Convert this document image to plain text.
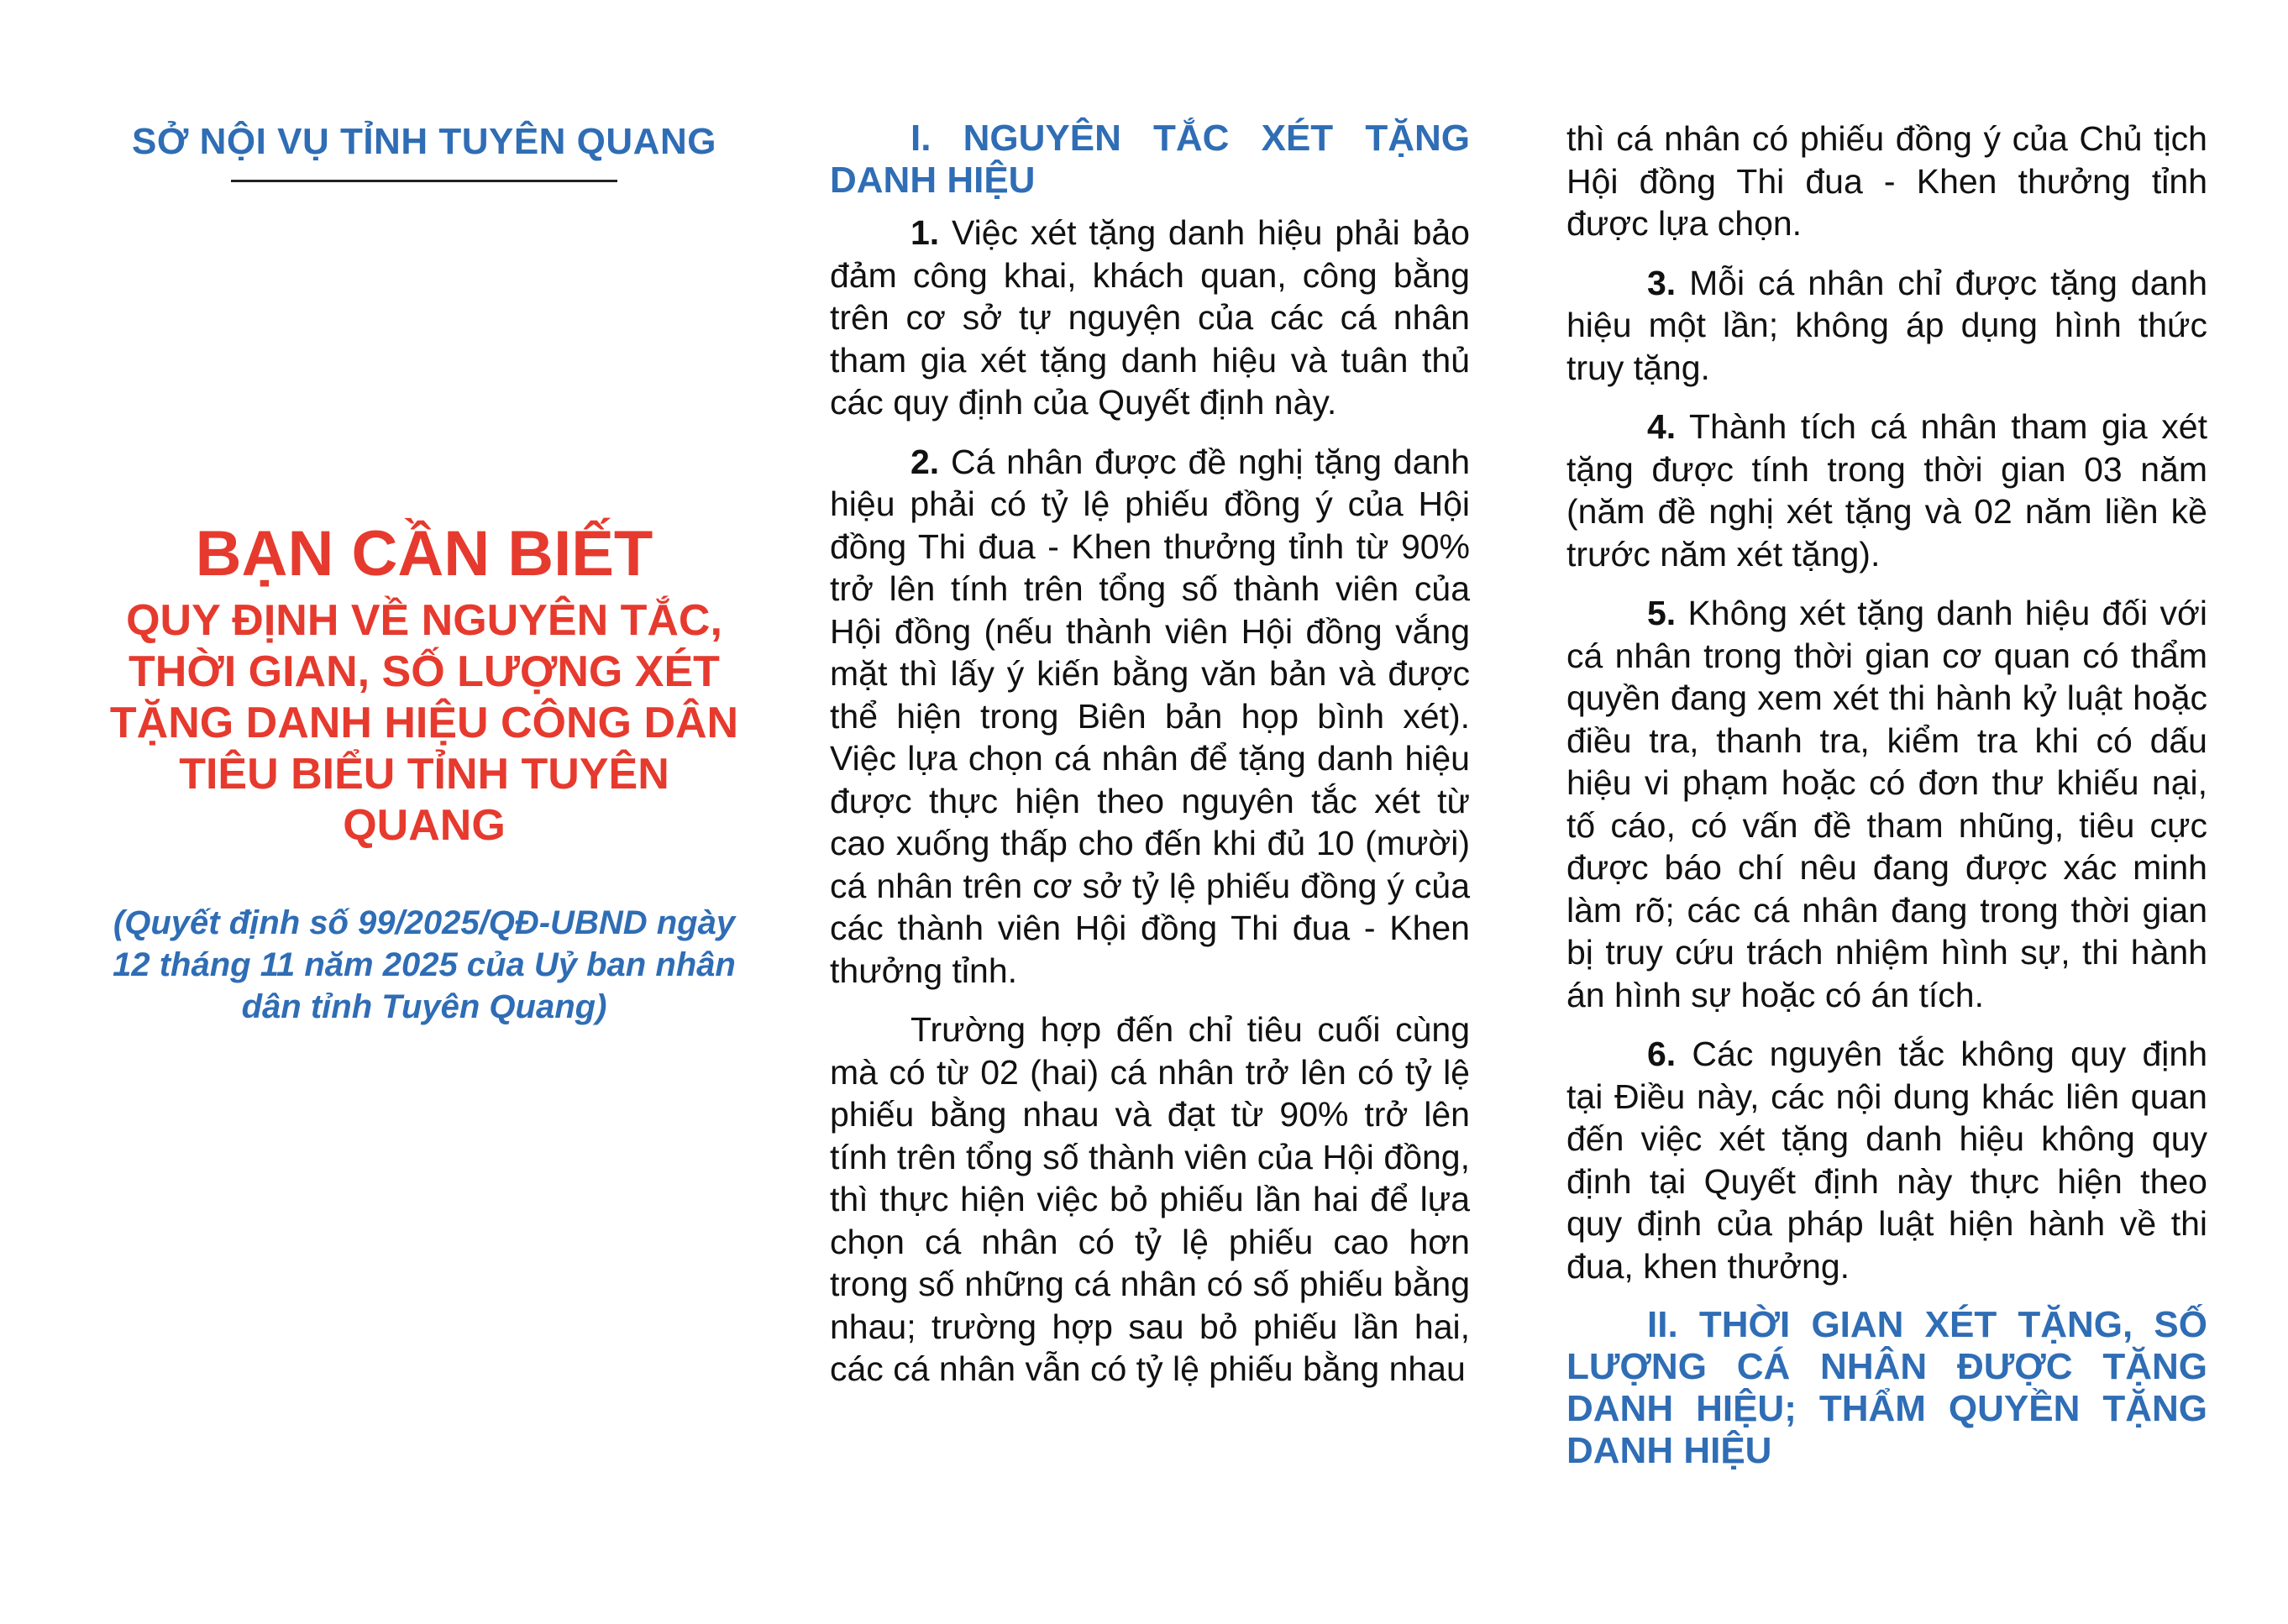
SỞ NỘI VỤ TỈNH TUYÊN QUANG

BẠN CẦN BIẾT

QUY ĐỊNH VỀ NGUYÊN TẮC, THỜI GIAN, SỐ LƯỢNG XÉT TẶNG DANH HIỆU CÔNG DÂN TIÊU BIỂU TỈNH TUYÊN QUANG

(Quyết định số 99/2025/QĐ-UBND ngày 12 tháng 11 năm 2025 của Uỷ ban nhân dân tỉnh Tuyên Quang)

I. NGUYÊN TẮC XÉT TẶNG DANH HIỆU

1. Việc xét tặng danh hiệu phải bảo đảm công khai, khách quan, công bằng trên cơ sở tự nguyện của các cá nhân tham gia xét tặng danh hiệu và tuân thủ các quy định của Quyết định này.

2. Cá nhân được đề nghị tặng danh hiệu phải có tỷ lệ phiếu đồng ý của Hội đồng Thi đua - Khen thưởng tỉnh từ 90% trở lên tính trên tổng số thành viên của Hội đồng (nếu thành viên Hội đồng vắng mặt thì lấy ý kiến bằng văn bản và được thể hiện trong Biên bản họp bình xét). Việc lựa chọn cá nhân để tặng danh hiệu được thực hiện theo nguyên tắc xét từ cao xuống thấp cho đến khi đủ 10 (mười) cá nhân trên cơ sở tỷ lệ phiếu đồng ý của các thành viên Hội đồng Thi đua - Khen thưởng tỉnh.

Trường hợp đến chỉ tiêu cuối cùng mà có từ 02 (hai) cá nhân trở lên có tỷ lệ phiếu bằng nhau và đạt từ 90% trở lên tính trên tổng số thành viên của Hội đồng, thì thực hiện việc bỏ phiếu lần hai để lựa chọn cá nhân có tỷ lệ phiếu cao hơn trong số những cá nhân có số phiếu bằng nhau; trường hợp sau bỏ phiếu lần hai, các cá nhân vẫn có tỷ lệ phiếu bằng nhau

thì cá nhân có phiếu đồng ý của Chủ tịch Hội đồng Thi đua - Khen thưởng tỉnh được lựa chọn.

3. Mỗi cá nhân chỉ được tặng danh hiệu một lần; không áp dụng hình thức truy tặng.

4. Thành tích cá nhân tham gia xét tặng được tính trong thời gian 03 năm (năm đề nghị xét tặng và 02 năm liền kề trước năm xét tặng).

5. Không xét tặng danh hiệu đối với cá nhân trong thời gian cơ quan có thẩm quyền đang xem xét thi hành kỷ luật hoặc điều tra, thanh tra, kiểm tra khi có dấu hiệu vi phạm hoặc có đơn thư khiếu nại, tố cáo, có vấn đề tham nhũng, tiêu cực được báo chí nêu đang được xác minh làm rõ; các cá nhân đang trong thời gian bị truy cứu trách nhiệm hình sự, thi hành án hình sự hoặc có án tích.

6. Các nguyên tắc không quy định tại Điều này, các nội dung khác liên quan đến việc xét tặng danh hiệu không quy định tại Quyết định này thực hiện theo quy định của pháp luật hiện hành về thi đua, khen thưởng.

II. THỜI GIAN XÉT TẶNG, SỐ LƯỢNG CÁ NHÂN ĐƯỢC TẶNG DANH HIỆU; THẨM QUYỀN TẶNG DANH HIỆU
